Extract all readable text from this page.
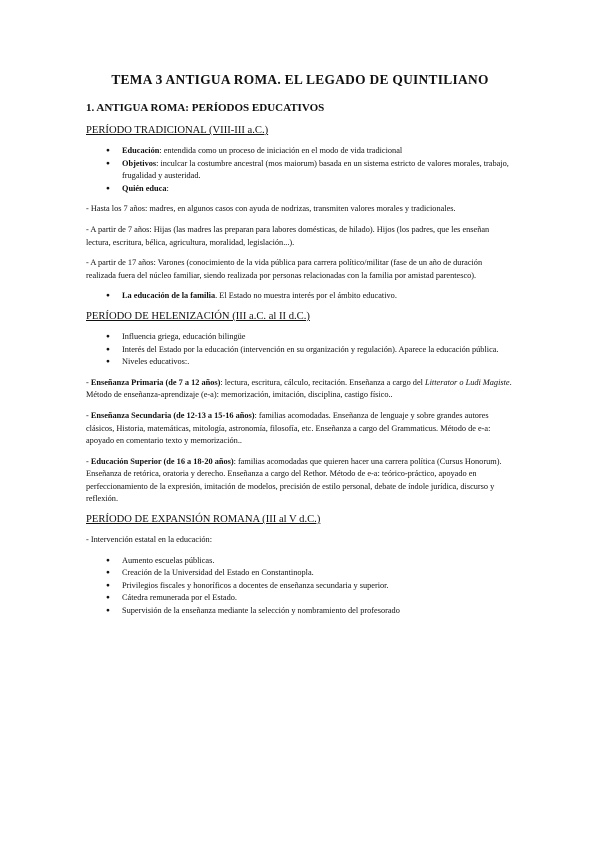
TEMA 3 ANTIGUA ROMA. EL LEGADO DE QUINTILIANO
1. ANTIGUA ROMA: PERÍODOS EDUCATIVOS
PERÍODO TRADICIONAL (VIII-III a.C.)
● Educación: entendida como un proceso de iniciación en el modo de vida tradicional
● Objetivos: inculcar la costumbre ancestral (mos maiorum) basada en un sistema estricto de valores morales, trabajo, frugalidad y austeridad.
● Quién educa:

- Hasta los 7 años: madres, en algunos casos con ayuda de nodrizas, transmiten valores morales y tradicionales.

- A partir de 7 años: Hijas (las madres las preparan para labores domésticas, de hilado). Hijos (los padres, que les enseñan lectura, escritura, bélica, agricultura, moralidad, legislación...).

- A partir de 17 años: Varones (conocimiento de la vida pública para carrera político/militar (fase de un año de duración realizada fuera del núcleo familiar, siendo realizada por personas relacionadas con la familia por amistad parentesco).

● La educación de la familia. El Estado no muestra interés por el ámbito educativo.
PERÍODO DE HELENIZACIÓN (III a.C. al II d.C.)
● Influencia griega, educación bilingüe
● Interés del Estado por la educación (intervención en su organización y regulación). Aparece la educación pública.
● Niveles educativos:.

- Enseñanza Primaria (de 7 a 12 años): lectura, escritura, cálculo, recitación. Enseñanza a cargo del Litterator o Ludi Magiste. Método de enseñanza-aprendizaje (e-a): memorización, imitación, disciplina, castigo físico..

- Enseñanza Secundaria (de 12-13 a 15-16 años): familias acomodadas. Enseñanza de lenguaje y sobre grandes autores clásicos, Historia, matemáticas, mitología, astronomía, filosofía, etc. Enseñanza a cargo del Grammaticus. Método de e-a: apoyado en comentario texto y memorización..

- Educación Superior (de 16 a 18-20 años): familias acomodadas que quieren hacer una carrera política (Cursus Honorum). Enseñanza de retórica, oratoria y derecho. Enseñanza a cargo del Rethor. Método de e-a: teórico-práctico, apoyado en perfeccionamiento de la expresión, imitación de modelos, precisión de estilo personal, debate de índole jurídica, discurso y reflexión.

PERÍODO DE EXPANSIÓN ROMANA (III al V d.C.)

- Intervención estatal en la educación:

● Aumento escuelas públicas.
● Creación de la Universidad del Estado en Constantinopla.
● Privilegios fiscales y honoríficos a docentes de enseñanza secundaria y superior.
● Cátedra remunerada por el Estado.
● Supervisión de la enseñanza mediante la selección y nombramiento del profesorado
